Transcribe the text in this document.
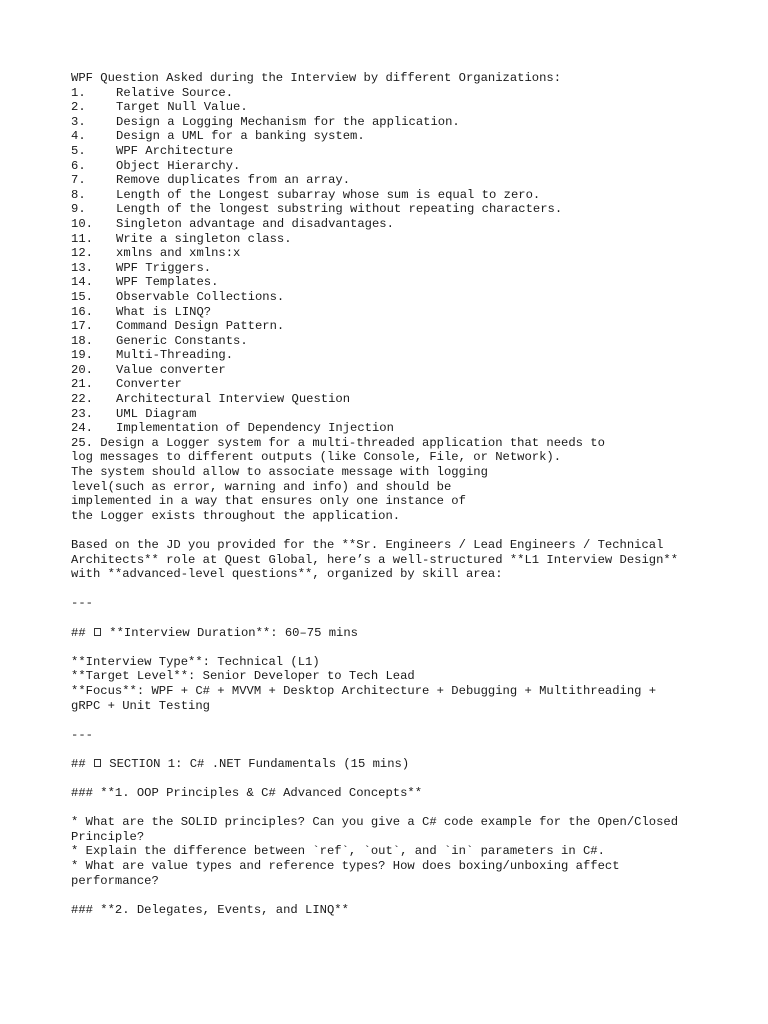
WPF Question Asked during the Interview by different Organizations:
1. Relative Source.
2. Target Null Value.
3. Design a Logging Mechanism for the application.
4. Design a UML for a banking system.
5. WPF Architecture
6. Object Hierarchy.
7. Remove duplicates from an array.
8. Length of the Longest subarray whose sum is equal to zero.
9. Length of the longest substring without repeating characters.
10. Singleton advantage and disadvantages.
11. Write a singleton class.
12. xmlns and xmlns:x
13. WPF Triggers.
14. WPF Templates.
15. Observable Collections.
16. What is LINQ?
17. Command Design Pattern.
18. Generic Constants.
19. Multi-Threading.
20. Value converter
21. Converter
22. Architectural Interview Question
23. UML Diagram
24. Implementation of Dependency Injection
25. Design a Logger system for a multi-threaded application that needs to
log messages to different outputs (like Console, File, or Network).
The system should allow to associate message with logging
level(such as error, warning and info) and should be
implemented in a way that ensures only one instance of
the Logger exists throughout the application.
Based on the JD you provided for the **Sr. Engineers / Lead Engineers / Technical
Architects** role at Quest Global, here’s a well-structured **L1 Interview Design**
with **advanced-level questions**, organized by skill area:
---
## **Interview Duration**: 60–75 mins
**Interview Type**: Technical (L1)
**Target Level**: Senior Developer to Tech Lead
**Focus**: WPF + C# + MVVM + Desktop Architecture + Debugging + Multithreading +
gRPC + Unit Testing
---
## SECTION 1: C# .NET Fundamentals (15 mins)
### **1. OOP Principles & C# Advanced Concepts**
* What are the SOLID principles? Can you give a C# code example for the Open/Closed
Principle?
* Explain the difference between `ref`, `out`, and `in` parameters in C#.
* What are value types and reference types? How does boxing/unboxing affect
performance?
### **2. Delegates, Events, and LINQ**
